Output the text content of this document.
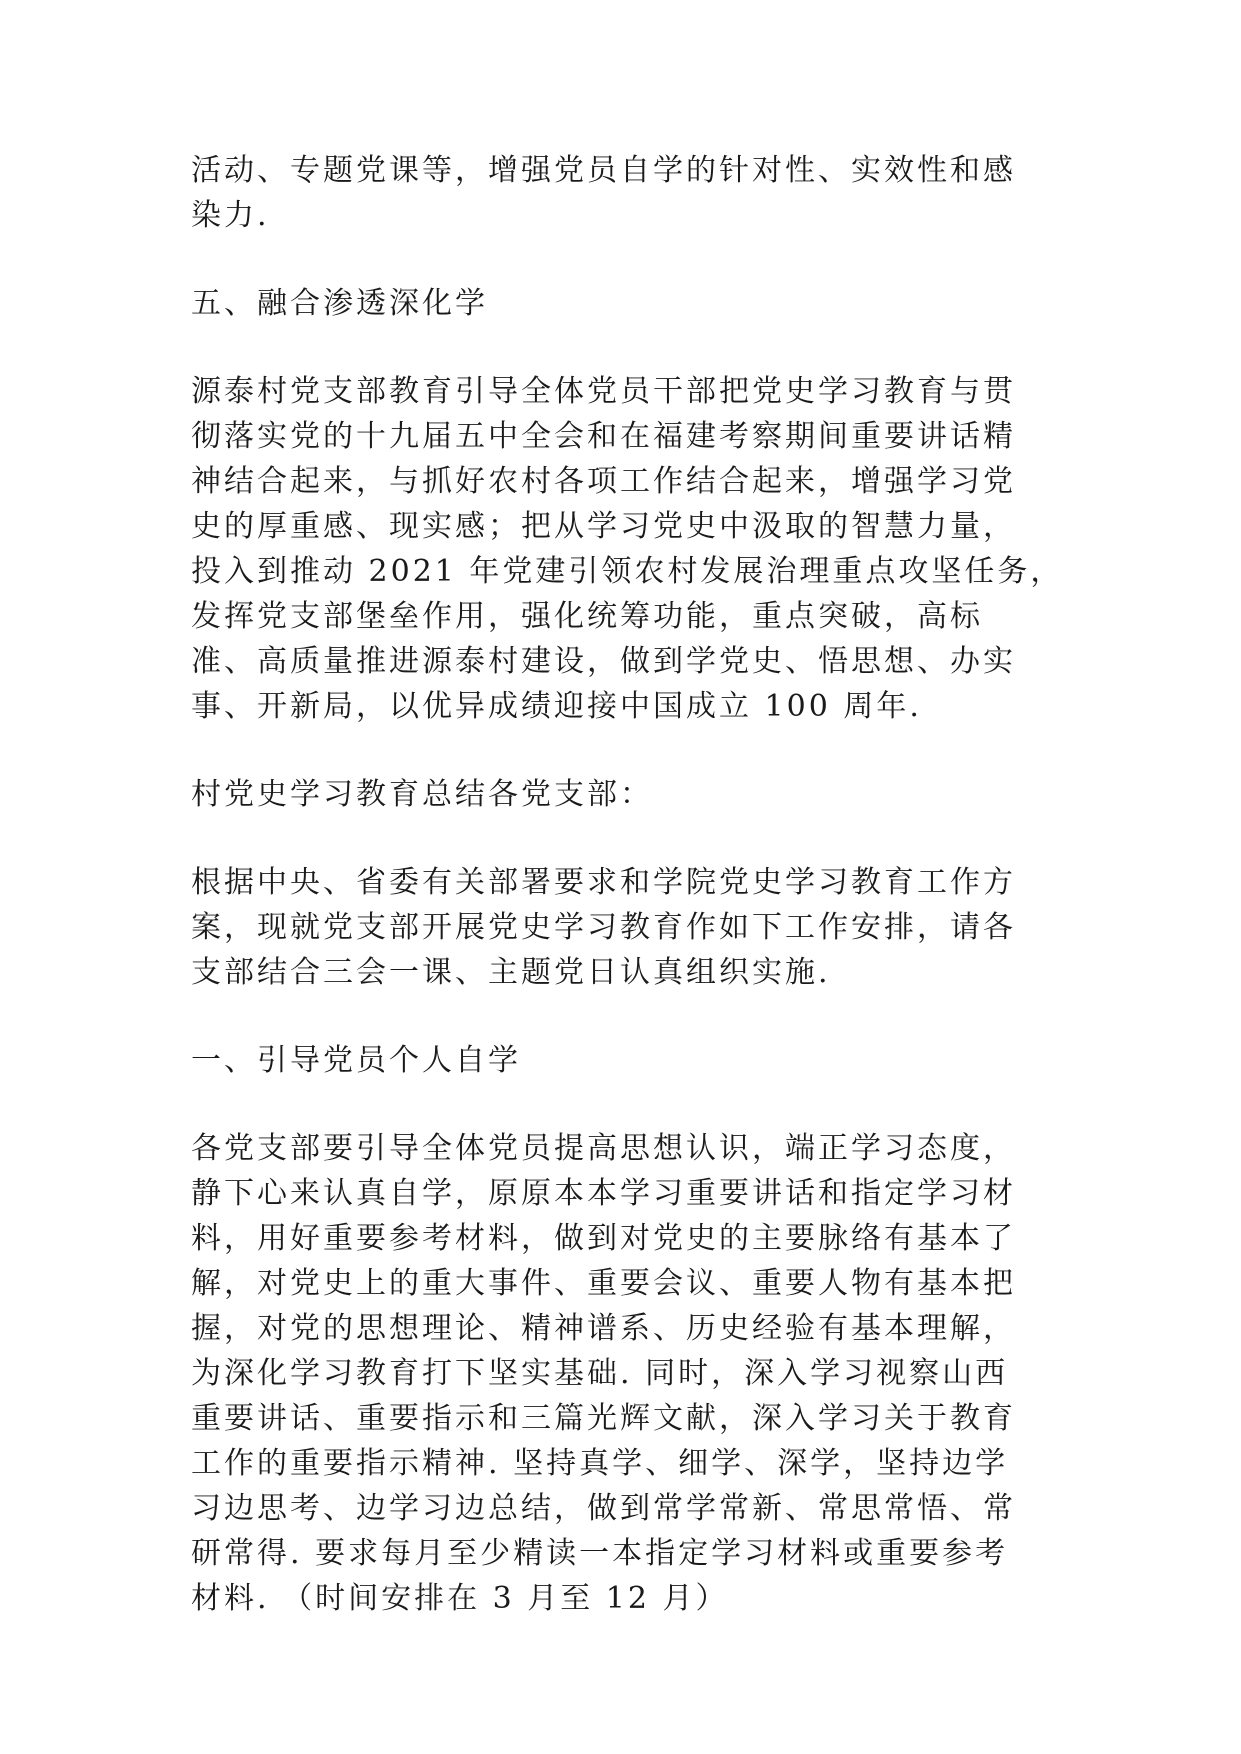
活动、专题党课等，增强党员自学的针对性、实效性和感
染力.
五、融合渗透深化学
源泰村党支部教育引导全体党员干部把党史学习教育与贯
彻落实党的十九届五中全会和在福建考察期间重要讲话精
神结合起来，与抓好农村各项工作结合起来，增强学习党
史的厚重感、现实感；把从学习党史中汲取的智慧力量，
投入到推动 2021 年党建引领农村发展治理重点攻坚任务，
发挥党支部堡垒作用，强化统筹功能，重点突破，高标
准、高质量推进源泰村建设，做到学党史、悟思想、办实
事、开新局，以优异成绩迎接中国成立 100 周年.
村党史学习教育总结各党支部：
根据中央、省委有关部署要求和学院党史学习教育工作方
案，现就党支部开展党史学习教育作如下工作安排，请各
支部结合三会一课、主题党日认真组织实施.
一、引导党员个人自学
各党支部要引导全体党员提高思想认识，端正学习态度，
静下心来认真自学，原原本本学习重要讲话和指定学习材
料，用好重要参考材料，做到对党史的主要脉络有基本了
解，对党史上的重大事件、重要会议、重要人物有基本把
握，对党的思想理论、精神谱系、历史经验有基本理解，
为深化学习教育打下坚实基础. 同时，深入学习视察山西
重要讲话、重要指示和三篇光辉文献，深入学习关于教育
工作的重要指示精神. 坚持真学、细学、深学，坚持边学
习边思考、边学习边总结，做到常学常新、常思常悟、常
研常得. 要求每月至少精读一本指定学习材料或重要参考
材料. （时间安排在 3 月至 12 月）
